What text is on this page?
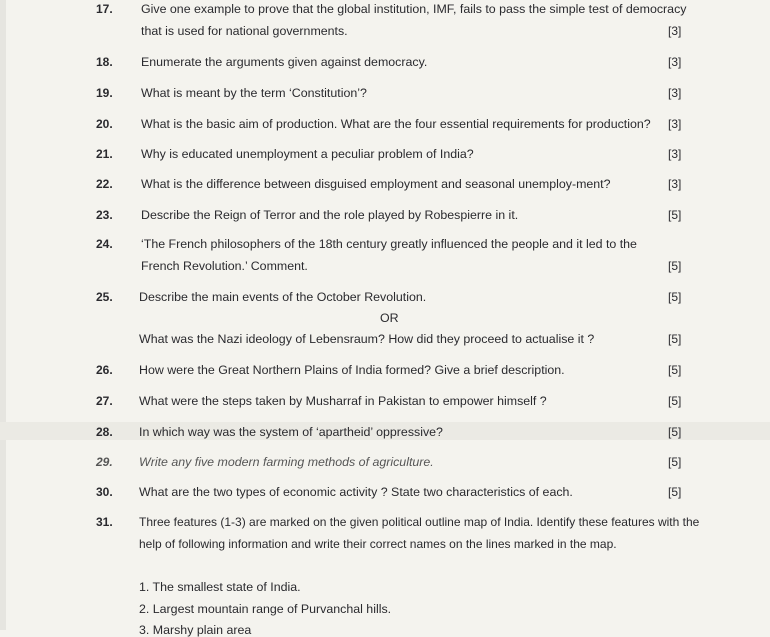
17.	Give one example to prove that the global institution, IMF, fails to pass the simple test of democracy
that is used for national governments.	[3]
18.	Enumerate the arguments given against democracy.	[3]
19.	What is meant by the term ‘Constitution’?	[3]
20.	What is the basic aim of production. What are the four essential requirements for production?	[3]
21.	Why is educated unemployment a peculiar problem of India?	[3]
22.	What is the difference between disguised employment and seasonal unemploy-ment?	[3]
23.	Describe the Reign of Terror and the role played by Robespierre in it.	[5]
24.	‘The French philosophers of the 18th century greatly influenced the people and it led to the
French Revolution.’ Comment.	[5]
25.	Describe the main events of the October Revolution.	[5]
OR
What was the Nazi ideology of Lebensraum? How did they proceed to actualise it ?	[5]
26.	How were the Great Northern Plains of India formed? Give a brief description.	[5]
27.	What were the steps taken by Musharraf in Pakistan to empower himself ?	[5]
28.	In which way was the system of ‘apartheid’ oppressive?	[5]
29.	Write any five modern farming methods of agriculture.	[5]
30.	What are the two types of economic activity ? State two characteristics of each.	[5]
31.	Three features (1-3) are marked on the given political outline map of India. Identify these features with the
help of following information and write their correct names on the lines marked in the map.
1. The smallest state of India.
2. Largest mountain range of Purvanchal hills.
3. Marshy plain area
